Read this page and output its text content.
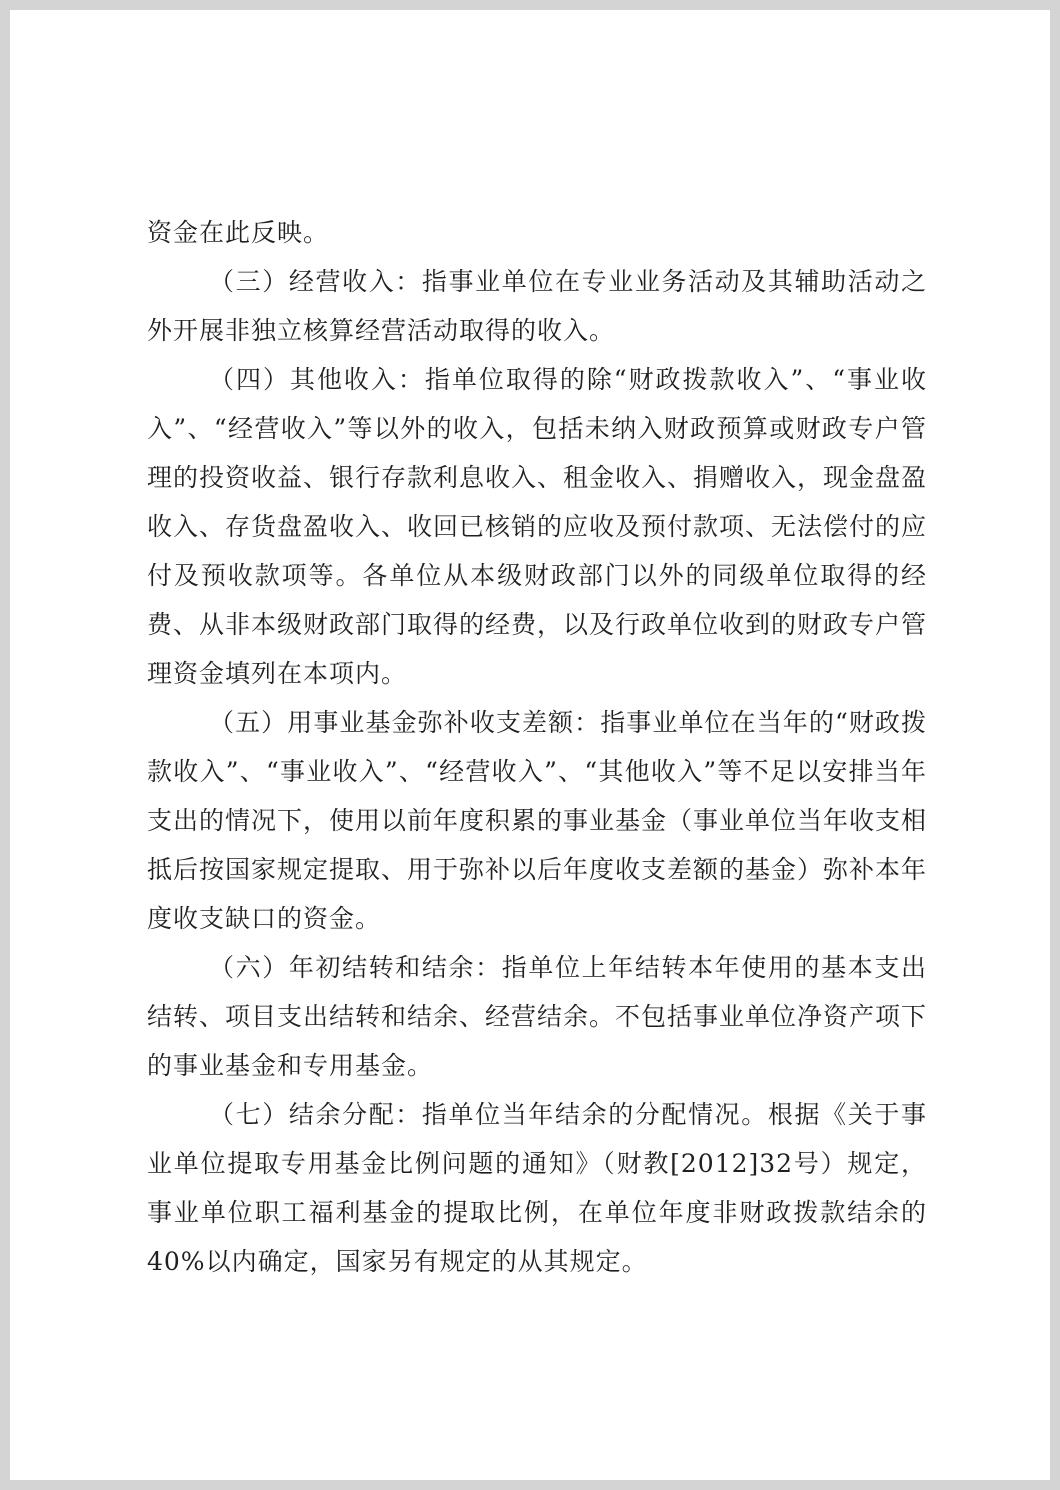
资金在此反映。

（三）经营收入：指事业单位在专业业务活动及其辅助活动之外开展非独立核算经营活动取得的收入。

（四）其他收入：指单位取得的除“财政拨款收入”、“事业收入”、“经营收入”等以外的收入，包括未纳入财政预算或财政专户管理的投资收益、银行存款利息收入、租金收入、捐赠收入，现金盘盈收入、存货盘盈收入、收回已核销的应收及预付款项、无法偿付的应付及预收款项等。各单位从本级财政部门以外的同级单位取得的经费、从非本级财政部门取得的经费，以及行政单位收到的财政专户管理资金填列在本项内。

（五）用事业基金弥补收支差额：指事业单位在当年的“财政拨款收入”、“事业收入”、“经营收入”、“其他收入”等不足以安排当年支出的情况下，使用以前年度积累的事业基金（事业单位当年收支相抵后按国家规定提取、用于弥补以后年度收支差额的基金）弥补本年度收支缺口的资金。

（六）年初结转和结余：指单位上年结转本年使用的基本支出结转、项目支出结转和结余、经营结余。不包括事业单位净资产项下的事业基金和专用基金。

（七）结余分配：指单位当年结余的分配情况。根据《关于事业单位提取专用基金比例问题的通知》（财教[2012]32号）规定，事业单位职工福利基金的提取比例，在单位年度非财政拨款结余的40%以内确定，国家另有规定的从其规定。
